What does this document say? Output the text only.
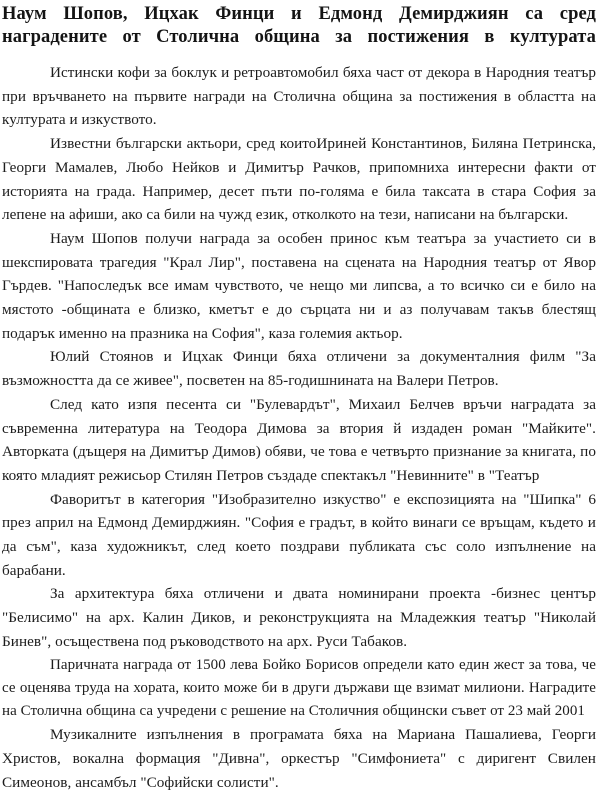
Наум Шопов, Ицхак Финци и Едмонд Демирджиян са сред наградените от Столична община за постижения в културата

Истински кофи за боклук и ретроавтомобил бяха част от декора в Народния театър при връчването на първите награди на Столична община за постижения в областта на културата и изкуството.

Известни български актьори, сред коитоИриней Константинов, Биляна Петринска, Георги Мамалев, Любо Нейков и Димитър Рачков, припомниха интересни факти от историята на града. Например, десет пъти по-голяма е била таксата в стара София за лепене на афиши, ако са били на чужд език, отколкото на тези, написани на български.

Наум Шопов получи награда за особен принос към театъра за участието си в шекспировата трагедия "Крал Лир", поставена на сцената на Народния театър от Явор Гърдев. "Напоследък все имам чувството, че нещо ми липсва, а то всичко си е било на мястото -общината е близко, кметът е до сърцата ни и аз получавам такъв блестящ подарък именно на празника на София", каза големия актьор.

Юлий Стоянов и Ицхак Финци бяха отличени за документалния филм "За възможността да се живее", посветен на 85-годишнината на Валери Петров.

След като изпя песента си "Булевардът", Михаил Белчев връчи наградата за съвременна литература на Теодора Димова за втория й издаден роман "Майките". Авторката (дъщеря на Димитър Димов) обяви, че това е четвърто признание за книгата, по която младият режисьор Стилян Петров създаде спектакъл "Невинните" в "Театър

Фаворитът в категория "Изобразително изкуство" е експозицията на "Шипка" 6 през април на Едмонд Демирджиян. "София е градът, в който винаги се връщам, където и да съм", каза художникът, след което поздрави публиката със соло изпълнение на барабани.

За архитектура бяха отличени и двата номинирани проекта -бизнес център "Белисимо" на арх. Калин Диков, и реконструкцията на Младежкия театър "Николай Бинев", осъществена под ръководството на арх. Руси Табаков.

Паричната награда от 1500 лева Бойко Борисов определи като един жест за това, че се оценява труда на хората, които може би в други държави ще взимат милиони. Наградите на Столична община са учредени с решение на Столичния общински съвет от 23 май 2001

Музикалните изпълнения в програмата бяха на Мариана Пашалиева, Георги Христов, вокална формация "Дивна", оркестър "Симфониета" с диригент Свилен Симеонов, ансамбъл "Софийски солисти".
